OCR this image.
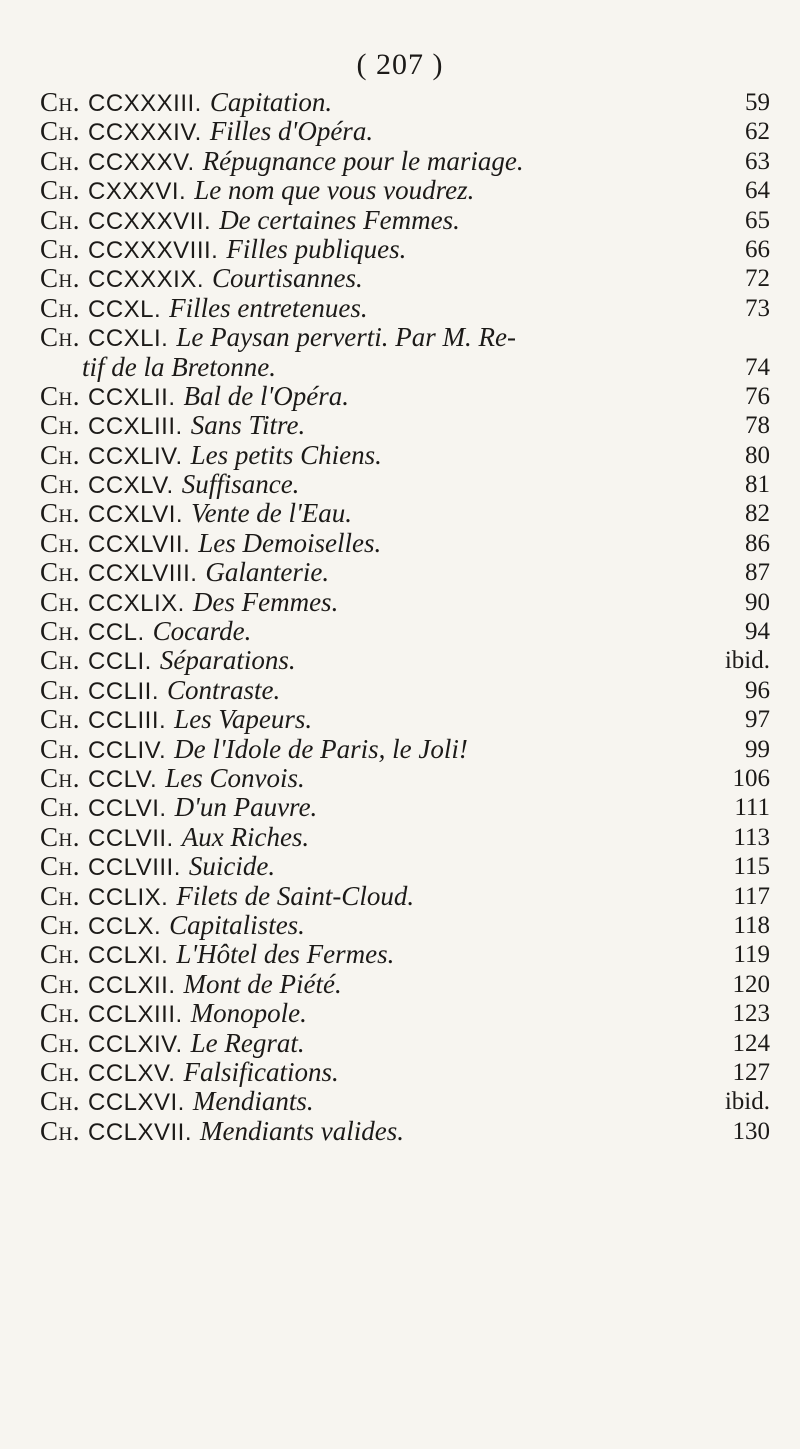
( 207 )
Ch. CCXXXIII. Capitation.	59
Ch. CCXXXIV. Filles d'Opéra.	62
Ch. CCXXXV. Répugnance pour le mariage.	63
Ch. CXXXVI. Le nom que vous voudrez.	64
Ch. CCXXXVII. De certaines Femmes.	65
Ch. CCXXXVIII. Filles publiques.	66
Ch. CCXXXIX. Courtisannes.	72
Ch. CCXL. Filles entretenues.	73
Ch. CCXLI. Le Paysan perverti. Par M. Re-
tif de la Bretonne.	74
Ch. CCXLII. Bal de l'Opéra.	76
Ch. CCXLIII. Sans Titre.	78
Ch. CCXLIV. Les petits Chiens.	80
Ch. CCXLV. Suffisance.	81
Ch. CCXLVI. Vente de l'Eau.	82
Ch. CCXLVII. Les Demoiselles.	86
Ch. CCXLVIII. Galanterie.	87
Ch. CCXLIX. Des Femmes.	90
Ch. CCL. Cocarde.	94
Ch. CCLI. Séparations.	ibid.
Ch. CCLII. Contraste.	96
Ch. CCLIII. Les Vapeurs.	97
Ch. CCLIV. De l'Idole de Paris, le Joli!	99
Ch. CCLV. Les Convois.	106
Ch. CCLVI. D'un Pauvre.	111
Ch. CCLVII. Aux Riches.	113
Ch. CCLVIII. Suicide.	115
Ch. CCLIX. Filets de Saint-Cloud.	117
Ch. CCLX. Capitalistes.	118
Ch. CCLXI. L'Hôtel des Fermes.	119
Ch. CCLXII. Mont de Piété.	120
Ch. CCLXIII. Monopole.	123
Ch. CCLXIV. Le Regrat.	124
Ch. CCLXV. Falsifications.	127
Ch. CCLXVI. Mendiants.	ibid.
Ch. CCLXVII. Mendiants valides.	130
